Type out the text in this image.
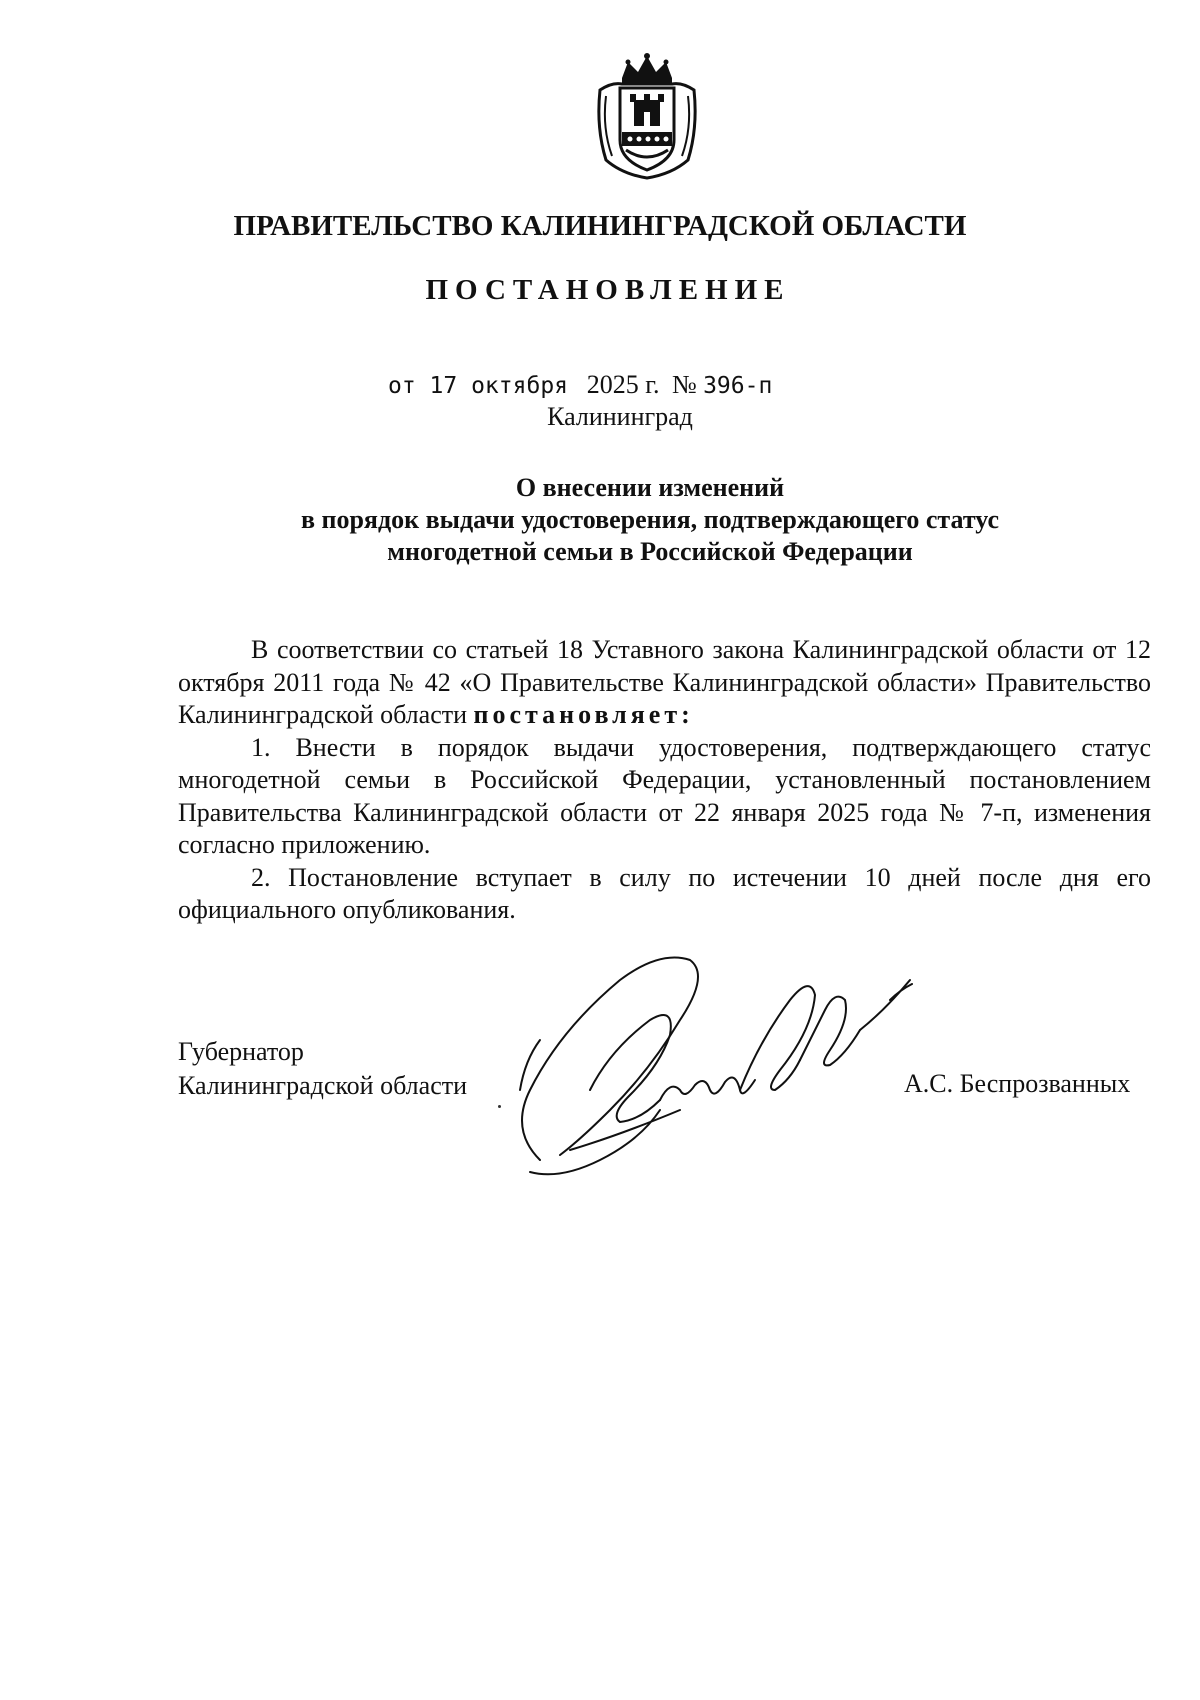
ПРАВИТЕЛЬСТВО КАЛИНИНГРАДСКОЙ ОБЛАСТИ
ПОСТАНОВЛЕНИЕ
от 17 октября 2025 г. № 396-п
Калининград
О внесении изменений
в порядок выдачи удостоверения, подтверждающего статус
многодетной семьи в Российской Федерации

В соответствии со статьей 18 Уставного закона Калининградской области от 12 октября 2011 года № 42 «О Правительстве Калининградской области» Правительство Калининградской области постановляет:

1. Внести в порядок выдачи удостоверения, подтверждающего статус многодетной семьи в Российской Федерации, установленный постановлением Правительства Калининградской области от 22 января 2025 года № 7-п, изменения согласно приложению.

2. Постановление вступает в силу по истечении 10 дней после дня его официального опубликования.

Губернатор
Калининградской области	А.С. Беспрозванных
